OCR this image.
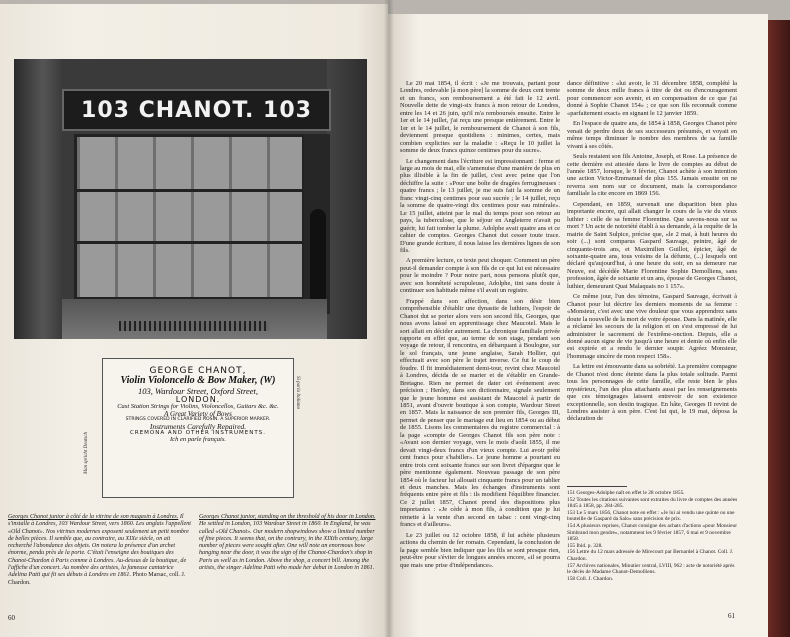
103 CHANOT. 103
GEORGE CHANOT,
Violin Violoncello & Bow Maker, (W)
103, Wardour Street, Oxford Street,
LONDON.
Cast Station Strings for Violins, Violoncellos, Guitars &c. &c.
A Great Variety of Bows
STRINGS COVERED IN CLARIFIED ROSIN. A SUPERIOR MARKER.
Instruments Carefully Repaired.
CREMONA AND OTHER INSTRUMENTS.
Ich en parle français.
Man spricht Deutsch
Si parla Italiano
Georges Chanot junior à côté de la vitrine de son magasin à Londres. Il s'installe à Londres, 103 Wardour Street, vers 1860. Les anglais l'appellent «Old Chanot». Nos vitrines modernes exposent seulement un petit nombre de belles pièces. Il semble que, au contraire, au XIXe siècle, on ait recherché l'abondance des objets. On notera la présence d'un archet énorme, pendu près de la porte. C'était l'enseigne des boutiques des Chanot-Chardon à Paris comme à Londres. Au-dessus de la boutique, de l'affiche d'un concert. Au nombre des artistes, la fameuse cantatrice Adelina Patti qui fit ses débuts à Londres en 1861. Photo Marsac, coll. J. Chardon.
Georges Chanot junior, standing on the threshold of his door in London. He settled in London, 103 Wardour Street in 1860. In England, he was called «Old Chanot». Our modern shopwindows show a limited number of fine pieces. It seems that, on the contrary, in the XIXth century, large number of pieces were sought after. One will note an enormous bow hanging near the door, it was the sign of the Chanot-Chardon's shop in Paris as well as in London. Above the shop, a concert bill. Among the artists, the singer Adelina Patti who made her debut in London in 1861.
60

Le 20 mai 1854, il écrit : «Je me trouvais, partant pour Londres, redevable [à mon père] la somme de deux cent trente et un francs, son remboursement a été fait le 12 avril. Nouvelle dette de vingt-six francs à mon retour de Londres, entre les 14 et 26 juin, qu'il m'a remboursés ensuite. Entre le 1er et le 14 juillet, j'ai reçu une presque entièrement. Entre le 1er et le 14 juillet, le remboursement de Chanot à son fils, deviennent presque quotidiens : minimes, certes, mais combien explicites sur la maladie : «Reçu le 10 juillet la somme de deux francs quinze centimes pour du sucre».

Le changement dans l'écriture est impressionnant : ferme et large au mois de mai, elle s'amenuise d'une manière de plus en plus illisible à la fin de juillet, c'est avec peine que l'on déchiffre la suite : «Pour une boîte de dragées ferrugineuses : quatre francs ; le 13 juillet, je me suis fait la somme de un franc vingt-cinq centimes pour eau sucrée ; le 14 juillet, reçu la somme de quatre-vingt dix centimes pour eau minérale». Le 15 juillet, atteint par le mal du temps pour son retour au pays, la tuberculose, que le séjour en Angleterre n'avait pu guérir, lui fait tomber la plume. Adolphe avait quatre ans et ce cahier de comptes. Georges Chanot dut cesser toute trace. D'une grande écriture, il nous laisse les dernières lignes de son fils.

A première lecture, ce texte peut choquer. Comment un père peut-il demander compte à son fils de ce qui lui est nécessaire pour le moindre ? Pour notre part, nous pensons plutôt que, avec son honnêteté scrupuleuse, Adolphe, tint sans doute à continuer son habitude même s'il avait un registre.

Frappé dans son affection, dans son désir bien compréhensible d'établir une dynastie de luthiers, l'espoir de Chanot dut se porter alors vers son second fils, Georges, que nous avons laissé en apprentissage chez Maucotel. Mais le sort allait en décider autrement. La chronique familiale privée rapporte en effet que, au terme de son stage, pendant son voyage de retour, il rencontra, en débarquant à Boulogne, sur le sol français, une jeune anglaise, Sarah Hollier, qui effectuait avec son père le trajet inverse. Ce fut le coup de foudre. Il fit immédiatement demi-tour, revint chez Maucotel à Londres, décida de se marier et de s'établir en Grande-Bretagne. Rien ne permet de dater cet événement avec précision ; Henley, dans son dictionnaire, signale seulement que le jeune homme est assistant de Maucotel à partir de 1851, avant d'ouvrir boutique à son compte, Wardour Street en 1857. Mais la naissance de son premier fils, Georges III, permet de penser que le mariage eut lieu en 1854 ou au début de 1855. Lisons les commentaires du registre commercial : à la page «compte de Georges Chanot fils son père note : «Avant son dernier voyage, vers le mois d'août 1855, il me devait vingt-deux francs d'un vieux compte. Lui avoir prêté cent francs pour s'habiller». Le jeune homme a pourtant eu entre trois cent soixante francs sur son livret d'épargne que le père mentionne également. Nouveau passage de son père 1854 où le facteur lui allouait cinquante francs pour un tablier et deux manches. Mais les échanges d'instruments sont fréquents entre père et fils : ils modifient l'équilibre financier. Ce 2 juillet 1857, Chanot prend des dispositions plus importantes : «Je cède à mon fils, à condition que je lui remette à la vente d'un second en tabac : cent vingt-cinq francs et d'ailleurs».

Le 23 juillet ou 12 octobre 1858, il lui achète plusieurs actions du chemin de fer romain. Cependant, la conclusion de la page semble bien indiquer que les fils se sont presque rien, peut-être pour s'éviter de longues années encore, «il se pourra que mais une prise d'indépendance».

dance définitive : «lui avoir, le 31 décembre 1858, complété la somme de deux mille francs à titre de dot ou d'encouragement pour commencer son avenir, et en compensation de ce que j'ai donné à Sophie Chanot 154» ; ce que son fils reconnaît comme «parfaitement exact» en signant le 12 janvier 1859.

En l'espace de quatre ans, de 1854 à 1858, Georges Chanot père venait de perdre deux de ses successeurs présumés, et voyait en même temps diminuer le nombre des membres de sa famille vivant à ses côtés.

Seuls restaient son fils Antoine, Joseph, et Rose. La présence de cette dernière est attestée dans le livre de comptes au début de l'année 1857, lorsque, le 9 février, Chanot achète à son intention une action Victor-Emmanuel de plus 155. Jamais ensuite on ne reverra son nom sur ce document, mais la correspondance familiale la cite encore en 1869 156.

Cependant, en 1859, survenait une disparition bien plus importante encore, qui allait changer le cours de la vie du vieux luthier : celle de sa femme Florentine. Que savons-nous sur sa mort ? Un acte de notoriété établi à sa demande, à la requête de la mairie de Saint Sulpice, précise que, «le 2 mai, à huit heures du soir (...) sont comparus Gaspard Sauvage, peintre, âgé de cinquante-trois ans, et Maximilien Guillot, épicier, âgé de soixante-quatre ans, tous voisins de la défunte, (...) lesquels ont déclaré qu'aujourd'hui, à une heure du soir, en sa demeure rue Neuve, est décédée Marie Florentine Sophie Demolliens, sans profession, âgée de soixante et un ans, épouse de Georges Chanot, luthier, demeurant Quai Malaquais no 1 157».

Ce même jour, l'un des témoins, Gaspard Sauvage, écrivait à Chanot pour lui décrire les derniers moments de sa femme : «Monsieur, c'est avec une vive douleur que vous apprendrez sans doute la nouvelle de la mort de votre épouse. Dans la matinée, elle a réclamé les secours de la religion et on s'est empressé de lui administrer le sacrement de l'extrême-onction. Depuis, elle a donné aucun signe de vie jusqu'à une heure et demie où enfin elle est expirée et a rendu le dernier soupir. Agréez Monsieur, l'hommage sincère de mon respect 158».

La lettre est émouvante dans sa sobriété. La première compagne de Chanot n'est donc éteinte dans la plus totale solitude. Parmi tous les personnages de cette famille, elle reste bien le plus mystérieux, l'un des plus attachants aussi par les renseignements que ces témoignages laissent entrevoir de son existence exceptionnelle, son destin tragique. En hâte, Georges II revint de Londres assister à son père. C'est lui qui, le 19 mai, déposa la déclaration de

151 Georges-Adolphe naît en effet le 28 octobre 1855.
152 Toutes les citations suivantes sont extraites du livre de comptes des années 1845 à 1858, pp. 284-285.
153 Le 5 mars 1856, Chanot note en effet : «Je lui ai vendu une quinte ou une bouteille de Gaspard da Salo» sans précision de prix.
154 A plusieurs reprises, Chanot consigne des achats d'actions «pour Monsieur Simbrand mon gendre», notamment les 9 février 1857, 6 mai et 9 novembre 1858.
155 Ibid. p. 328.
156 Lettre du 12 mars adressée de Mirecourt par Bernardel à Chanot. Coll. J. Chardon.
157 Archives nationales, Minutier central, LVIII, 962 : acte de notoriété après le décès de Madame Chanot-Demolliens.
158 Coll. J. Chardon.
61
